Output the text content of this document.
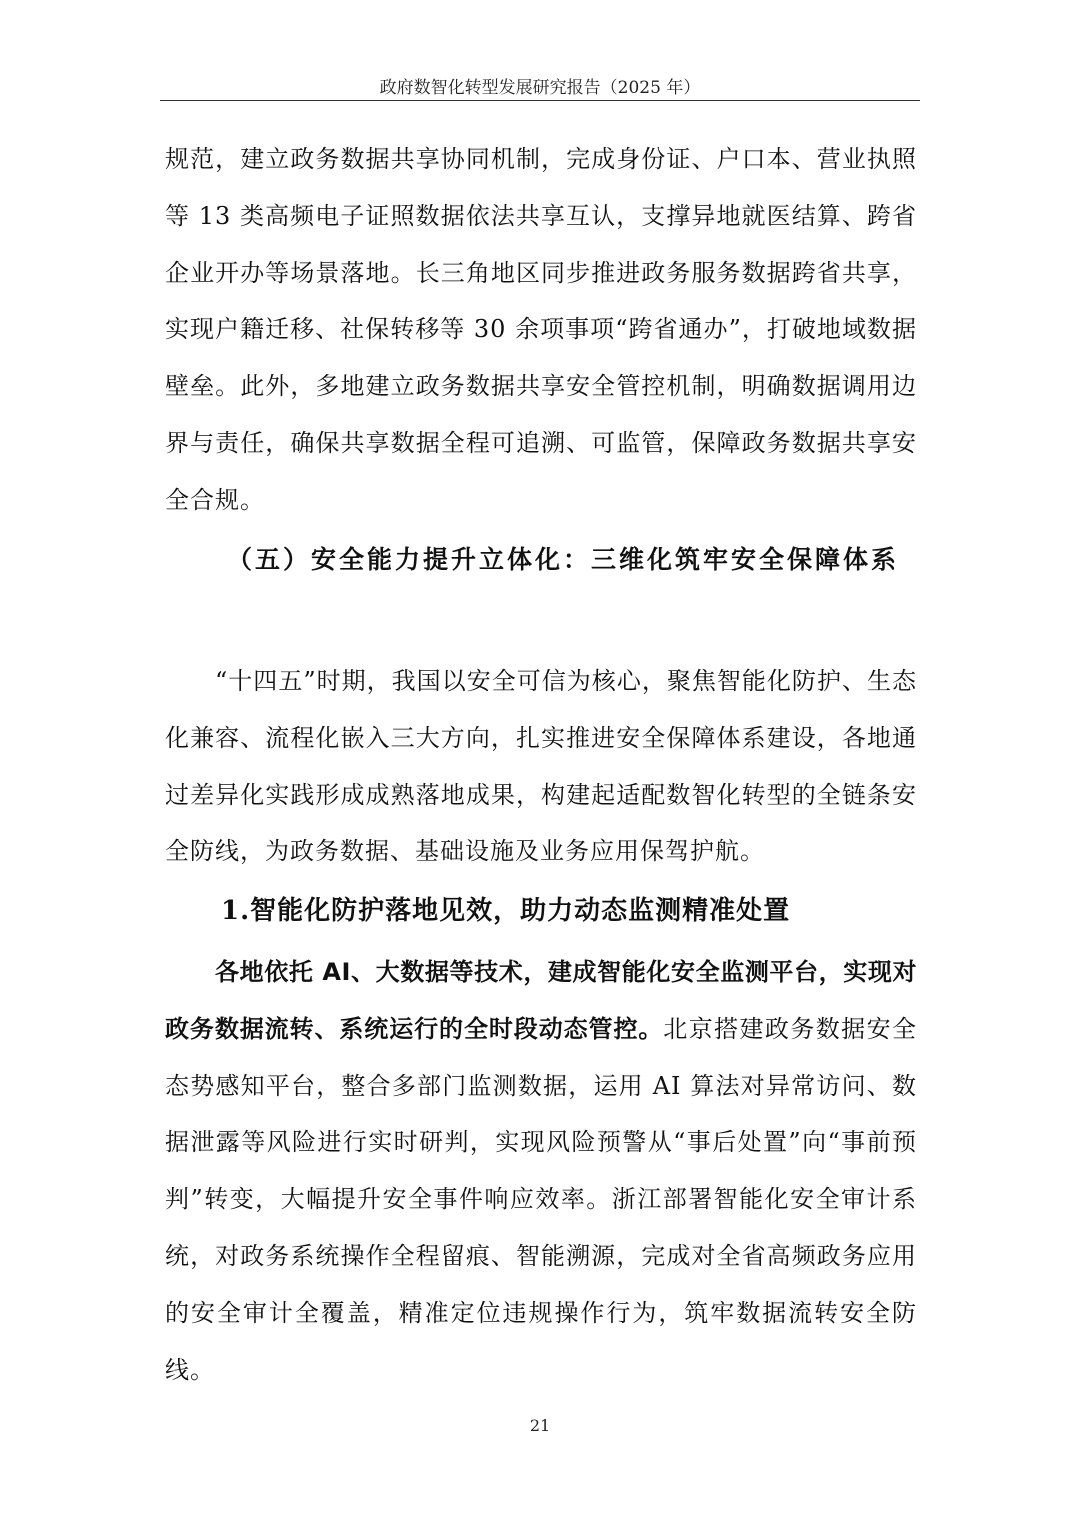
政府数智化转型发展研究报告（2025 年）

规范，建立政务数据共享协同机制，完成身份证、户口本、营业执照等 13 类高频电子证照数据依法共享互认，支撑异地就医结算、跨省企业开办等场景落地。长三角地区同步推进政务服务数据跨省共享，实现户籍迁移、社保转移等 30 余项事项“跨省通办”，打破地域数据壁垒。此外，多地建立政务数据共享安全管控机制，明确数据调用边界与责任，确保共享数据全程可追溯、可监管，保障政务数据共享安全合规。

（五）安全能力提升立体化：三维化筑牢安全保障体系

“十四五”时期，我国以安全可信为核心，聚焦智能化防护、生态化兼容、流程化嵌入三大方向，扎实推进安全保障体系建设，各地通过差异化实践形成成熟落地成果，构建起适配数智化转型的全链条安全防线，为政务数据、基础设施及业务应用保驾护航。

1.智能化防护落地见效，助力动态监测精准处置

各地依托 AI、大数据等技术，建成智能化安全监测平台，实现对政务数据流转、系统运行的全时段动态管控。北京搭建政务数据安全态势感知平台，整合多部门监测数据，运用 AI 算法对异常访问、数据泄露等风险进行实时研判，实现风险预警从“事后处置”向“事前预判”转变，大幅提升安全事件响应效率。浙江部署智能化安全审计系统，对政务系统操作全程留痕、智能溯源，完成对全省高频政务应用的安全审计全覆盖，精准定位违规操作行为，筑牢数据流转安全防线。

21
